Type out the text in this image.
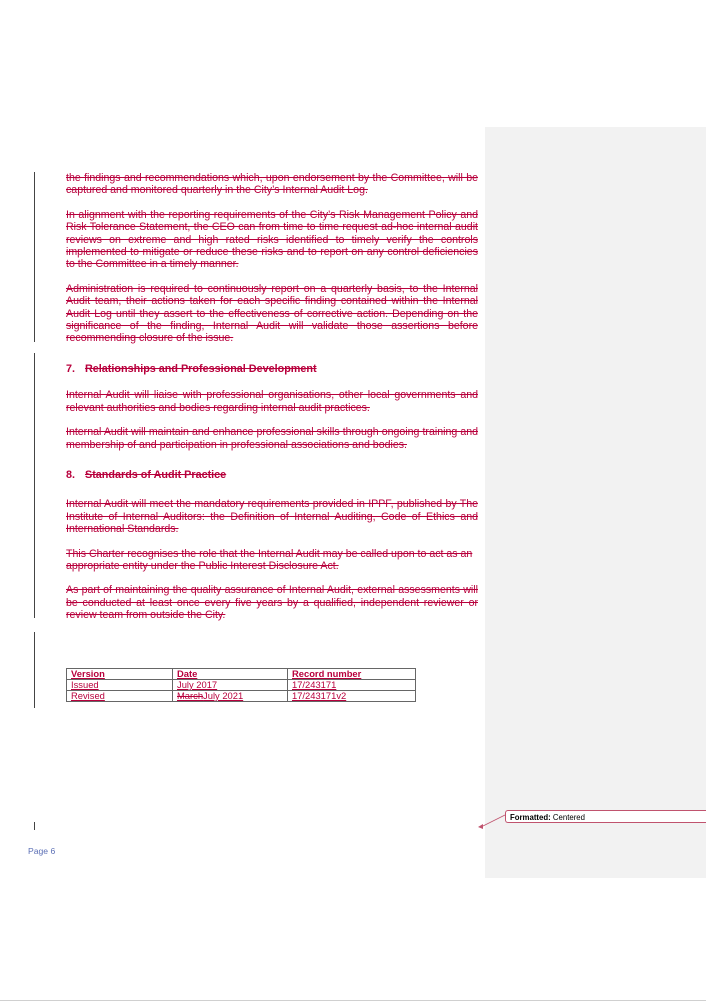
the findings and recommendations which, upon endorsement by the Committee, will be captured and monitored quarterly in the City’s Internal Audit Log.

In alignment with the reporting requirements of the City’s Risk Management Policy and Risk Tolerance Statement, the CEO can from time to time request ad-hoc internal audit reviews on extreme and high rated risks identified to timely verify the controls implemented to mitigate or reduce these risks and to report on any control deficiencies to the Committee in a timely manner.

Administration is required to continuously report on a quarterly basis, to the Internal Audit team, their actions taken for each specific finding contained within the Internal Audit Log until they assert to the effectiveness of corrective action. Depending on the significance of the finding, Internal Audit will validate those assertions before recommending closure of the issue.

7. Relationships and Professional Development

Internal Audit will liaise with professional organisations, other local governments and relevant authorities and bodies regarding internal audit practices.

Internal Audit will maintain and enhance professional skills through ongoing training and membership of and participation in professional associations and bodies.

8. Standards of Audit Practice

Internal Audit will meet the mandatory requirements provided in IPPF, published by The Institute of Internal Auditors: the Definition of Internal Auditing, Code of Ethics and International Standards.

This Charter recognises the role that the Internal Audit may be called upon to act as an appropriate entity under the Public Interest Disclosure Act.

As part of maintaining the quality assurance of Internal Audit, external assessments will be conducted at least once every five years by a qualified, independent reviewer or review team from outside the City.

Version	Date	Record number
Issued	July 2017	17/243171
Revised	MarchJuly 2021	17/243171v2
Page 6
Formatted: Centered
